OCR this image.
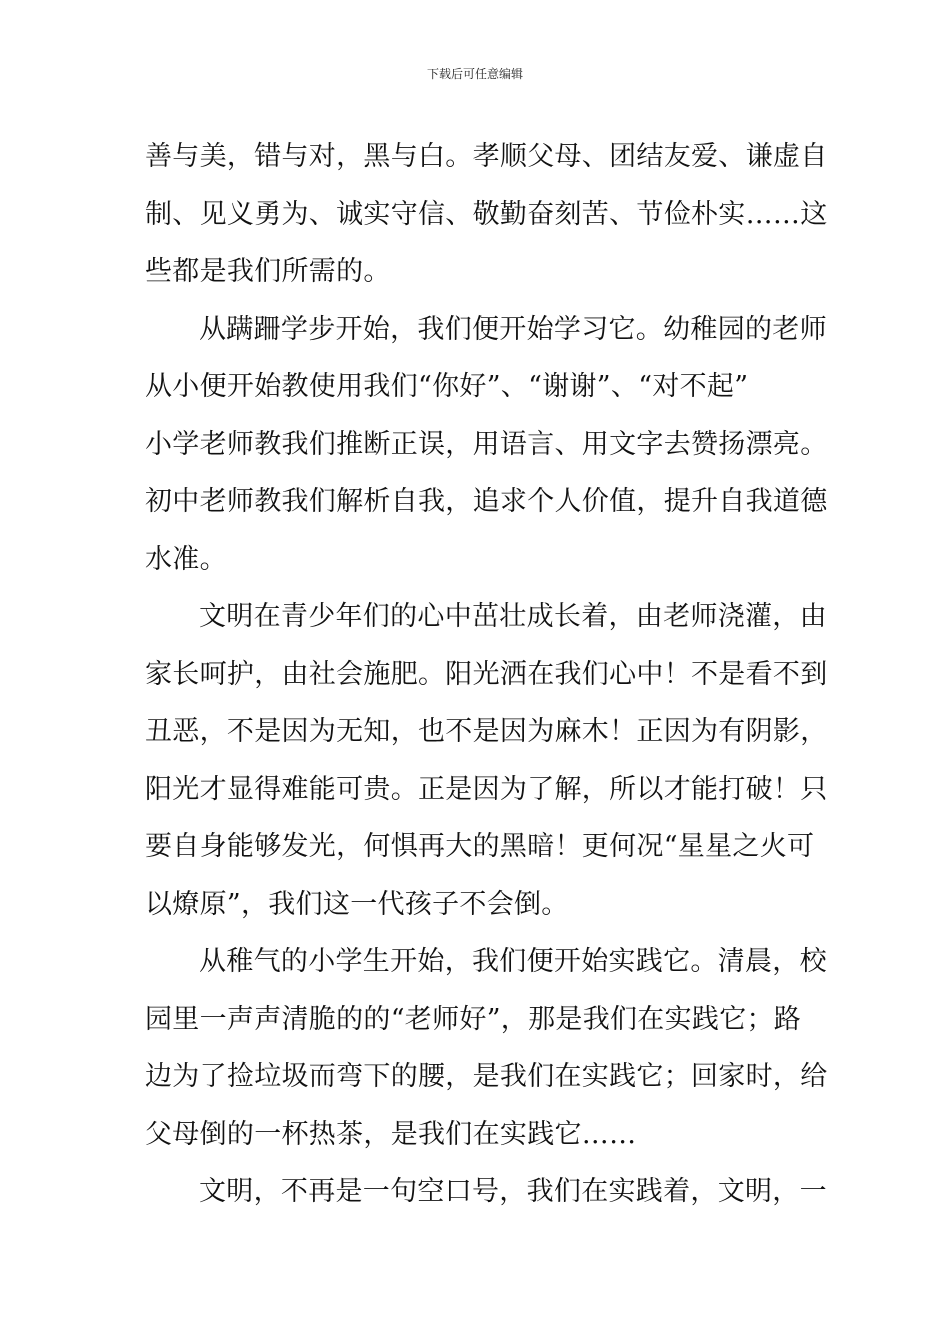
下载后可任意编辑
善与美，错与对，黑与白。孝顺父母、团结友爱、谦虚自
制、见义勇为、诚实守信、敬勤奋刻苦、节俭朴实……这
些都是我们所需的。
从蹒跚学步开始，我们便开始学习它。幼稚园的老师
从小便开始教使用我们“你好”、“谢谢”、“对不起”
小学老师教我们推断正误，用语言、用文字去赞扬漂亮。
初中老师教我们解析自我，追求个人价值，提升自我道德
水准。
文明在青少年们的心中茁壮成长着，由老师浇灌，由
家长呵护，由社会施肥。阳光洒在我们心中！不是看不到
丑恶，不是因为无知，也不是因为麻木！正因为有阴影，
阳光才显得难能可贵。正是因为了解，所以才能打破！只
要自身能够发光，何惧再大的黑暗！更何况“星星之火可
以燎原”，我们这一代孩子不会倒。
从稚气的小学生开始，我们便开始实践它。清晨，校
园里一声声清脆的的“老师好”，那是我们在实践它；路
边为了捡垃圾而弯下的腰，是我们在实践它；回家时，给
父母倒的一杯热茶，是我们在实践它……
文明，不再是一句空口号，我们在实践着，文明，一
